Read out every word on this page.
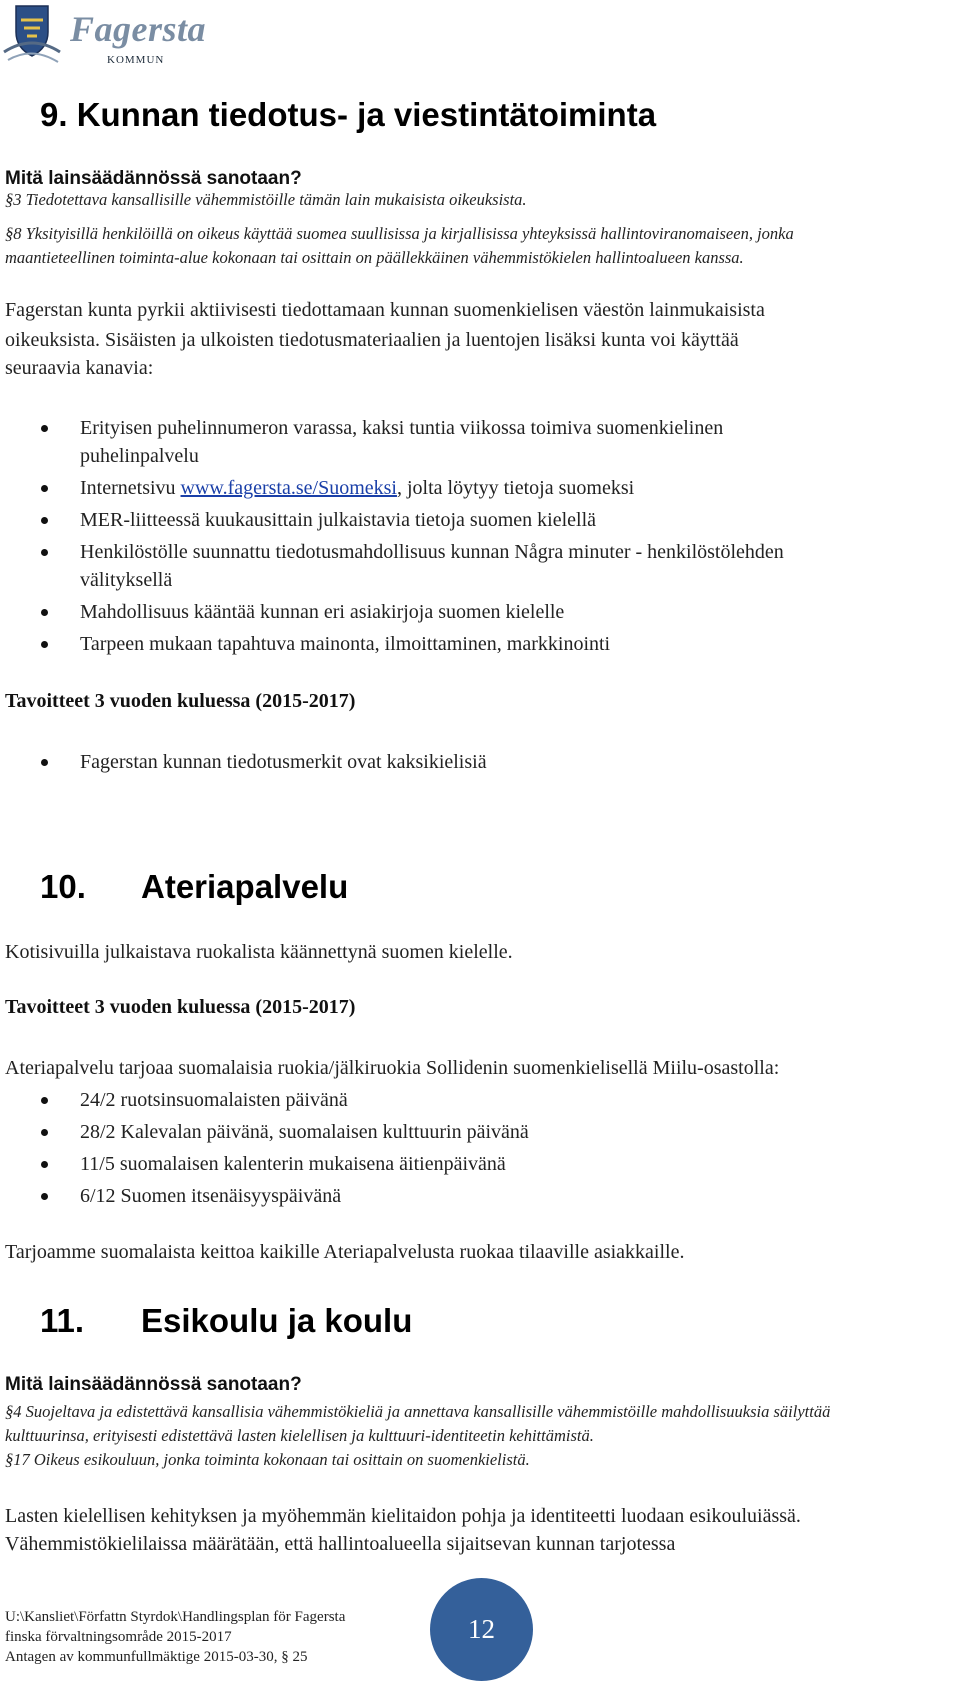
Fagersta
KOMMUN
9. Kunnan tiedotus- ja viestintätoiminta
Mitä lainsäädännössä sanotaan?
§3 Tiedotettava kansallisille vähemmistöille tämän lain mukaisista oikeuksista.
§8 Yksityisillä henkilöillä on oikeus käyttää suomea suullisissa ja kirjallisissa yhteyksissä hallintoviranomaiseen, jonka
maantieteellinen toiminta-alue kokonaan tai osittain on päällekkäinen vähemmistökielen hallintoalueen kanssa.
Fagerstan kunta pyrkii aktiivisesti tiedottamaan kunnan suomenkielisen väestön lainmukaisista
oikeuksista. Sisäisten ja ulkoisten tiedotusmateriaalien ja luentojen lisäksi kunta voi käyttää
seuraavia kanavia:
Erityisen puhelinnumeron varassa, kaksi tuntia viikossa toimiva suomenkielinen
puhelinpalvelu
Internetsivu www.fagersta.se/Suomeksi, jolta löytyy tietoja suomeksi
MER-liitteessä kuukausittain julkaistavia tietoja suomen kielellä
Henkilöstölle suunnattu tiedotusmahdollisuus kunnan Några minuter - henkilöstölehden
välityksellä
Mahdollisuus kääntää kunnan eri asiakirjoja suomen kielelle
Tarpeen mukaan tapahtuva mainonta, ilmoittaminen, markkinointi
Tavoitteet 3 vuoden kuluessa (2015-2017)
Fagerstan kunnan tiedotusmerkit ovat kaksikielisiä
10. Ateriapalvelu
Kotisivuilla julkaistava ruokalista käännettynä suomen kielelle.
Tavoitteet 3 vuoden kuluessa (2015-2017)
Ateriapalvelu tarjoaa suomalaisia ruokia/jälkiruokia Sollidenin suomenkielisellä Miilu-osastolla:
24/2 ruotsinsuomalaisten päivänä
28/2 Kalevalan päivänä, suomalaisen kulttuurin päivänä
11/5 suomalaisen kalenterin mukaisena äitienpäivänä
6/12 Suomen itsenäisyyspäivänä
Tarjoamme suomalaista keittoa kaikille Ateriapalvelusta ruokaa tilaaville asiakkaille.
11. Esikoulu ja koulu
Mitä lainsäädännössä sanotaan?
§4 Suojeltava ja edistettävä kansallisia vähemmistökieliä ja annettava kansallisille vähemmistöille mahdollisuuksia säilyttää
kulttuurinsa, erityisesti edistettävä lasten kielellisen ja kulttuuri-identiteetin kehittämistä.
§17 Oikeus esikouluun, jonka toiminta kokonaan tai osittain on suomenkielistä.
Lasten kielellisen kehityksen ja myöhemmän kielitaidon pohja ja identiteetti luodaan esikouluiässä.
Vähemmistökielilaissa määrätään, että hallintoalueella sijaitsevan kunnan tarjotessa
U:\Kansliet\Författn Styrdok\Handlingsplan för Fagersta
finska förvaltningsområde 2015-2017
Antagen av kommunfullmäktige 2015-03-30, § 25
12
